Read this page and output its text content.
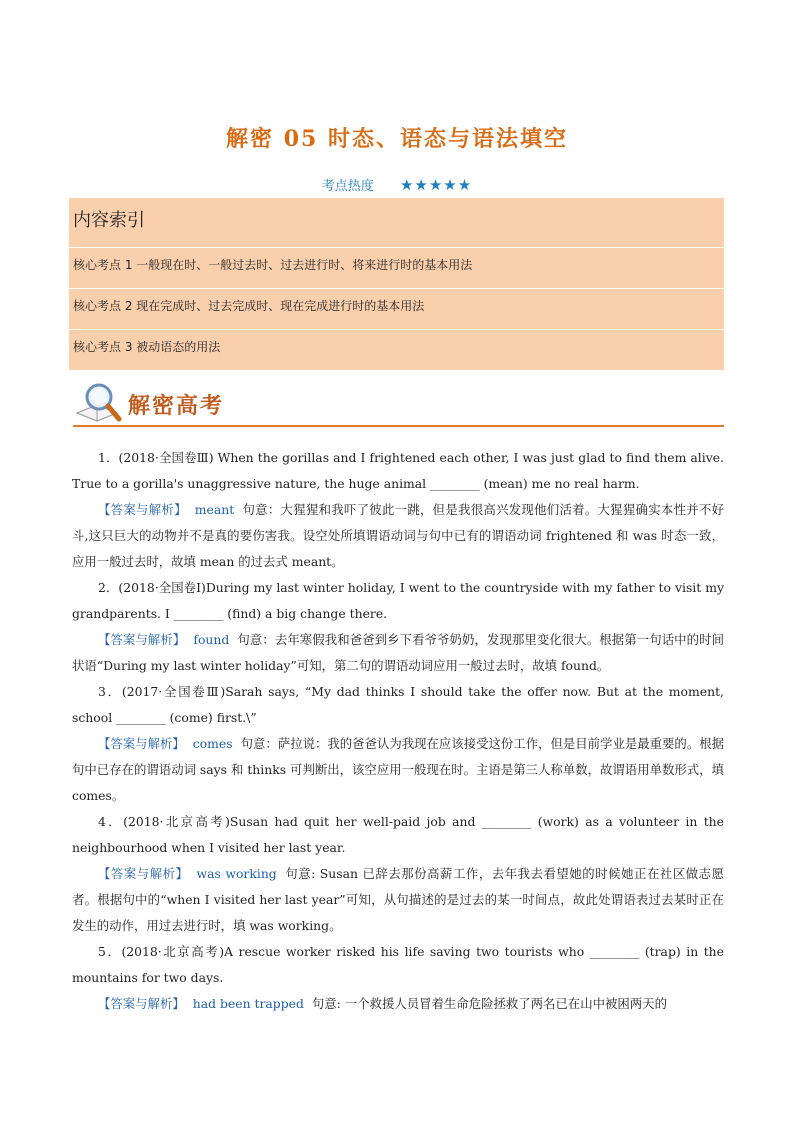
解密 05 时态、语态与语法填空
考点热度 ★★★★★
内容索引
核心考点 1 一般现在时、一般过去时、过去进行时、将来进行时的基本用法
核心考点 2 现在完成时、过去完成时、现在完成进行时的基本用法
核心考点 3 被动语态的用法
解密高考

1．(2018·全国卷Ⅲ) When the gorillas and I frightened each other, I was just glad to find them alive. True to a gorilla's unaggressive nature, the huge animal ________ (mean) me no real harm.

【答案与解析】 meant 句意：大猩猩和我吓了彼此一跳，但是我很高兴发现他们活着。大猩猩确实本性并不好斗,这只巨大的动物并不是真的要伤害我。设空处所填谓语动词与句中已有的谓语动词 frightened 和 was 时态一致，应用一般过去时，故填 mean 的过去式 meant。

2．(2018·全国卷Ⅰ)During my last winter holiday, I went to the countryside with my father to visit my grandparents. I ________ (find) a big change there.

【答案与解析】 found 句意：去年寒假我和爸爸到乡下看爷爷奶奶，发现那里变化很大。根据第一句话中的时间状语“During my last winter holiday”可知，第二句的谓语动词应用一般过去时，故填 found。

3．(2017·全国卷Ⅲ)Sarah says, “My dad thinks I should take the offer now. But at the moment, school ________ (come) first.\”

【答案与解析】 comes 句意：萨拉说：我的爸爸认为我现在应该接受这份工作，但是目前学业是最重要的。根据句中已存在的谓语动词 says 和 thinks 可判断出，该空应用一般现在时。主语是第三人称单数，故谓语用单数形式，填 comes。

4．(2018·北京高考)Susan had quit her well-paid job and ________ (work) as a volunteer in the neighbourhood when I visited her last year.

【答案与解析】 was working 句意: Susan 已辞去那份高薪工作，去年我去看望她的时候她正在社区做志愿者。根据句中的“when I visited her last year”可知，从句描述的是过去的某一时间点，故此处谓语表过去某时正在发生的动作，用过去进行时，填 was working。

5．(2018·北京高考)A rescue worker risked his life saving two tourists who ________ (trap) in the mountains for two days.

【答案与解析】 had been trapped 句意: 一个救援人员冒着生命危险拯救了两名已在山中被困两天的
